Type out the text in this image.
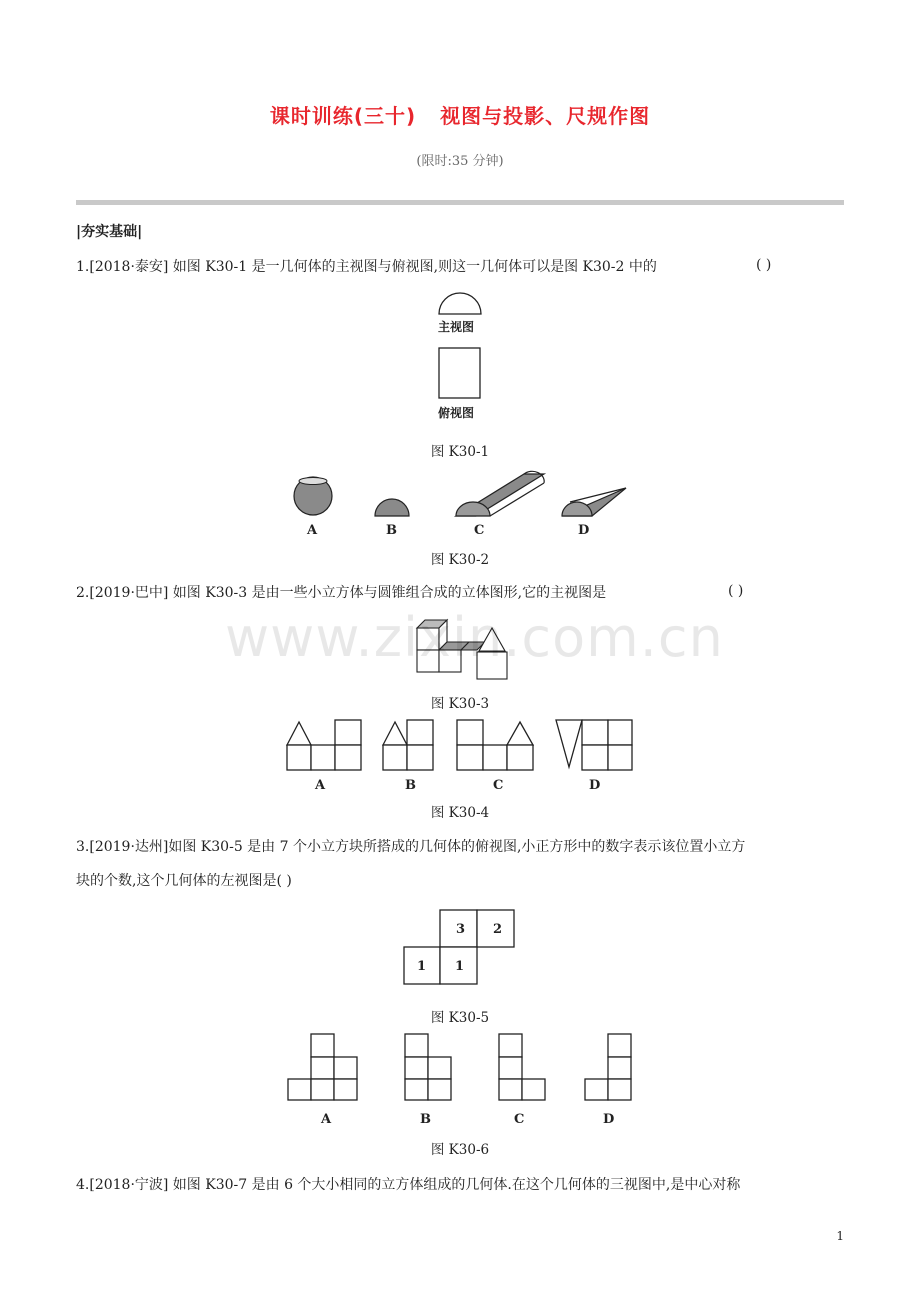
课时训练(三十)   视图与投影、尺规作图
(限时:35 分钟)
|夯实基础|
1.[2018·泰安] 如图 K30-1 是一几何体的主视图与俯视图,则这一几何体可以是图 K30-2 中的	( )
主视图
俯视图
图 K30-1
A	B	C	D
图 K30-2
2.[2019·巴中] 如图 K30-3 是由一些小立方体与圆锥组合成的立体图形,它的主视图是	( )
图 K30-3
A	B	C	D
图 K30-4
www.zixin.com.cn
3.[2019·达州]如图 K30-5 是由 7 个小立方块所搭成的几何体的俯视图,小正方形中的数字表示该位置小立方
块的个数,这个几何体的左视图是( )
3 2
1 1
图 K30-5
A	B	C	D
图 K30-6
4.[2018·宁波] 如图 K30-7 是由 6 个大小相同的立方体组成的几何体.在这个几何体的三视图中,是中心对称
1
